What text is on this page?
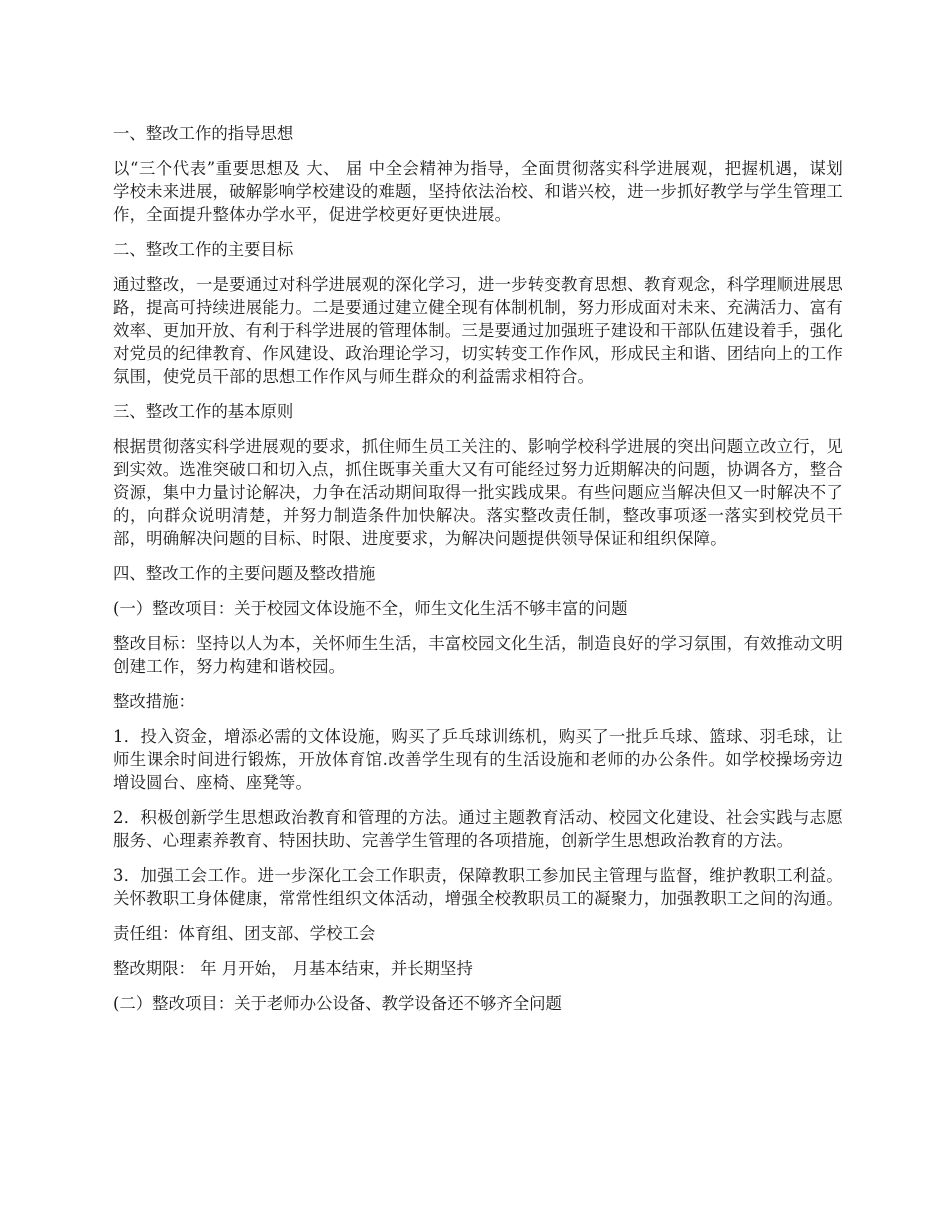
一、整改工作的指导思想

以“三个代表”重要思想及 大、 届 中全会精神为指导，全面贯彻落实科学进展观，把握机遇，谋划学校未来进展，破解影响学校建设的难题，坚持依法治校、和谐兴校，进一步抓好教学与学生管理工作，全面提升整体办学水平，促进学校更好更快进展。

二、整改工作的主要目标

通过整改，一是要通过对科学进展观的深化学习，进一步转变教育思想、教育观念，科学理顺进展思路，提高可持续进展能力。二是要通过建立健全现有体制机制，努力形成面对未来、充满活力、富有效率、更加开放、有利于科学进展的管理体制。三是要通过加强班子建设和干部队伍建设着手，强化对党员的纪律教育、作风建设、政治理论学习，切实转变工作作风，形成民主和谐、团结向上的工作氛围，使党员干部的思想工作作风与师生群众的利益需求相符合。

三、整改工作的基本原则

根据贯彻落实科学进展观的要求，抓住师生员工关注的、影响学校科学进展的突出问题立改立行，见到实效。选准突破口和切入点，抓住既事关重大又有可能经过努力近期解决的问题，协调各方，整合资源，集中力量讨论解决，力争在活动期间取得一批实践成果。有些问题应当解决但又一时解决不了的，向群众说明清楚，并努力制造条件加快解决。落实整改责任制，整改事项逐一落实到校党员干部，明确解决问题的目标、时限、进度要求，为解决问题提供领导保证和组织保障。

四、整改工作的主要问题及整改措施

(一）整改项目：关于校园文体设施不全，师生文化生活不够丰富的问题

整改目标：坚持以人为本，关怀师生生活，丰富校园文化生活，制造良好的学习氛围，有效推动文明创建工作，努力构建和谐校园。

整改措施：

1．投入资金，增添必需的文体设施，购买了乒乓球训练机，购买了一批乒乓球、篮球、羽毛球，让师生课余时间进行锻炼，开放体育馆.改善学生现有的生活设施和老师的办公条件。如学校操场旁边增设圆台、座椅、座凳等。

2．积极创新学生思想政治教育和管理的方法。通过主题教育活动、校园文化建设、社会实践与志愿服务、心理素养教育、特困扶助、完善学生管理的各项措施，创新学生思想政治教育的方法。

3．加强工会工作。进一步深化工会工作职责，保障教职工参加民主管理与监督，维护教职工利益。关怀教职工身体健康，常常性组织文体活动，增强全校教职员工的凝聚力，加强教职工之间的沟通。

责任组：体育组、团支部、学校工会

整改期限： 年 月开始， 月基本结束，并长期坚持

(二）整改项目：关于老师办公设备、教学设备还不够齐全问题
